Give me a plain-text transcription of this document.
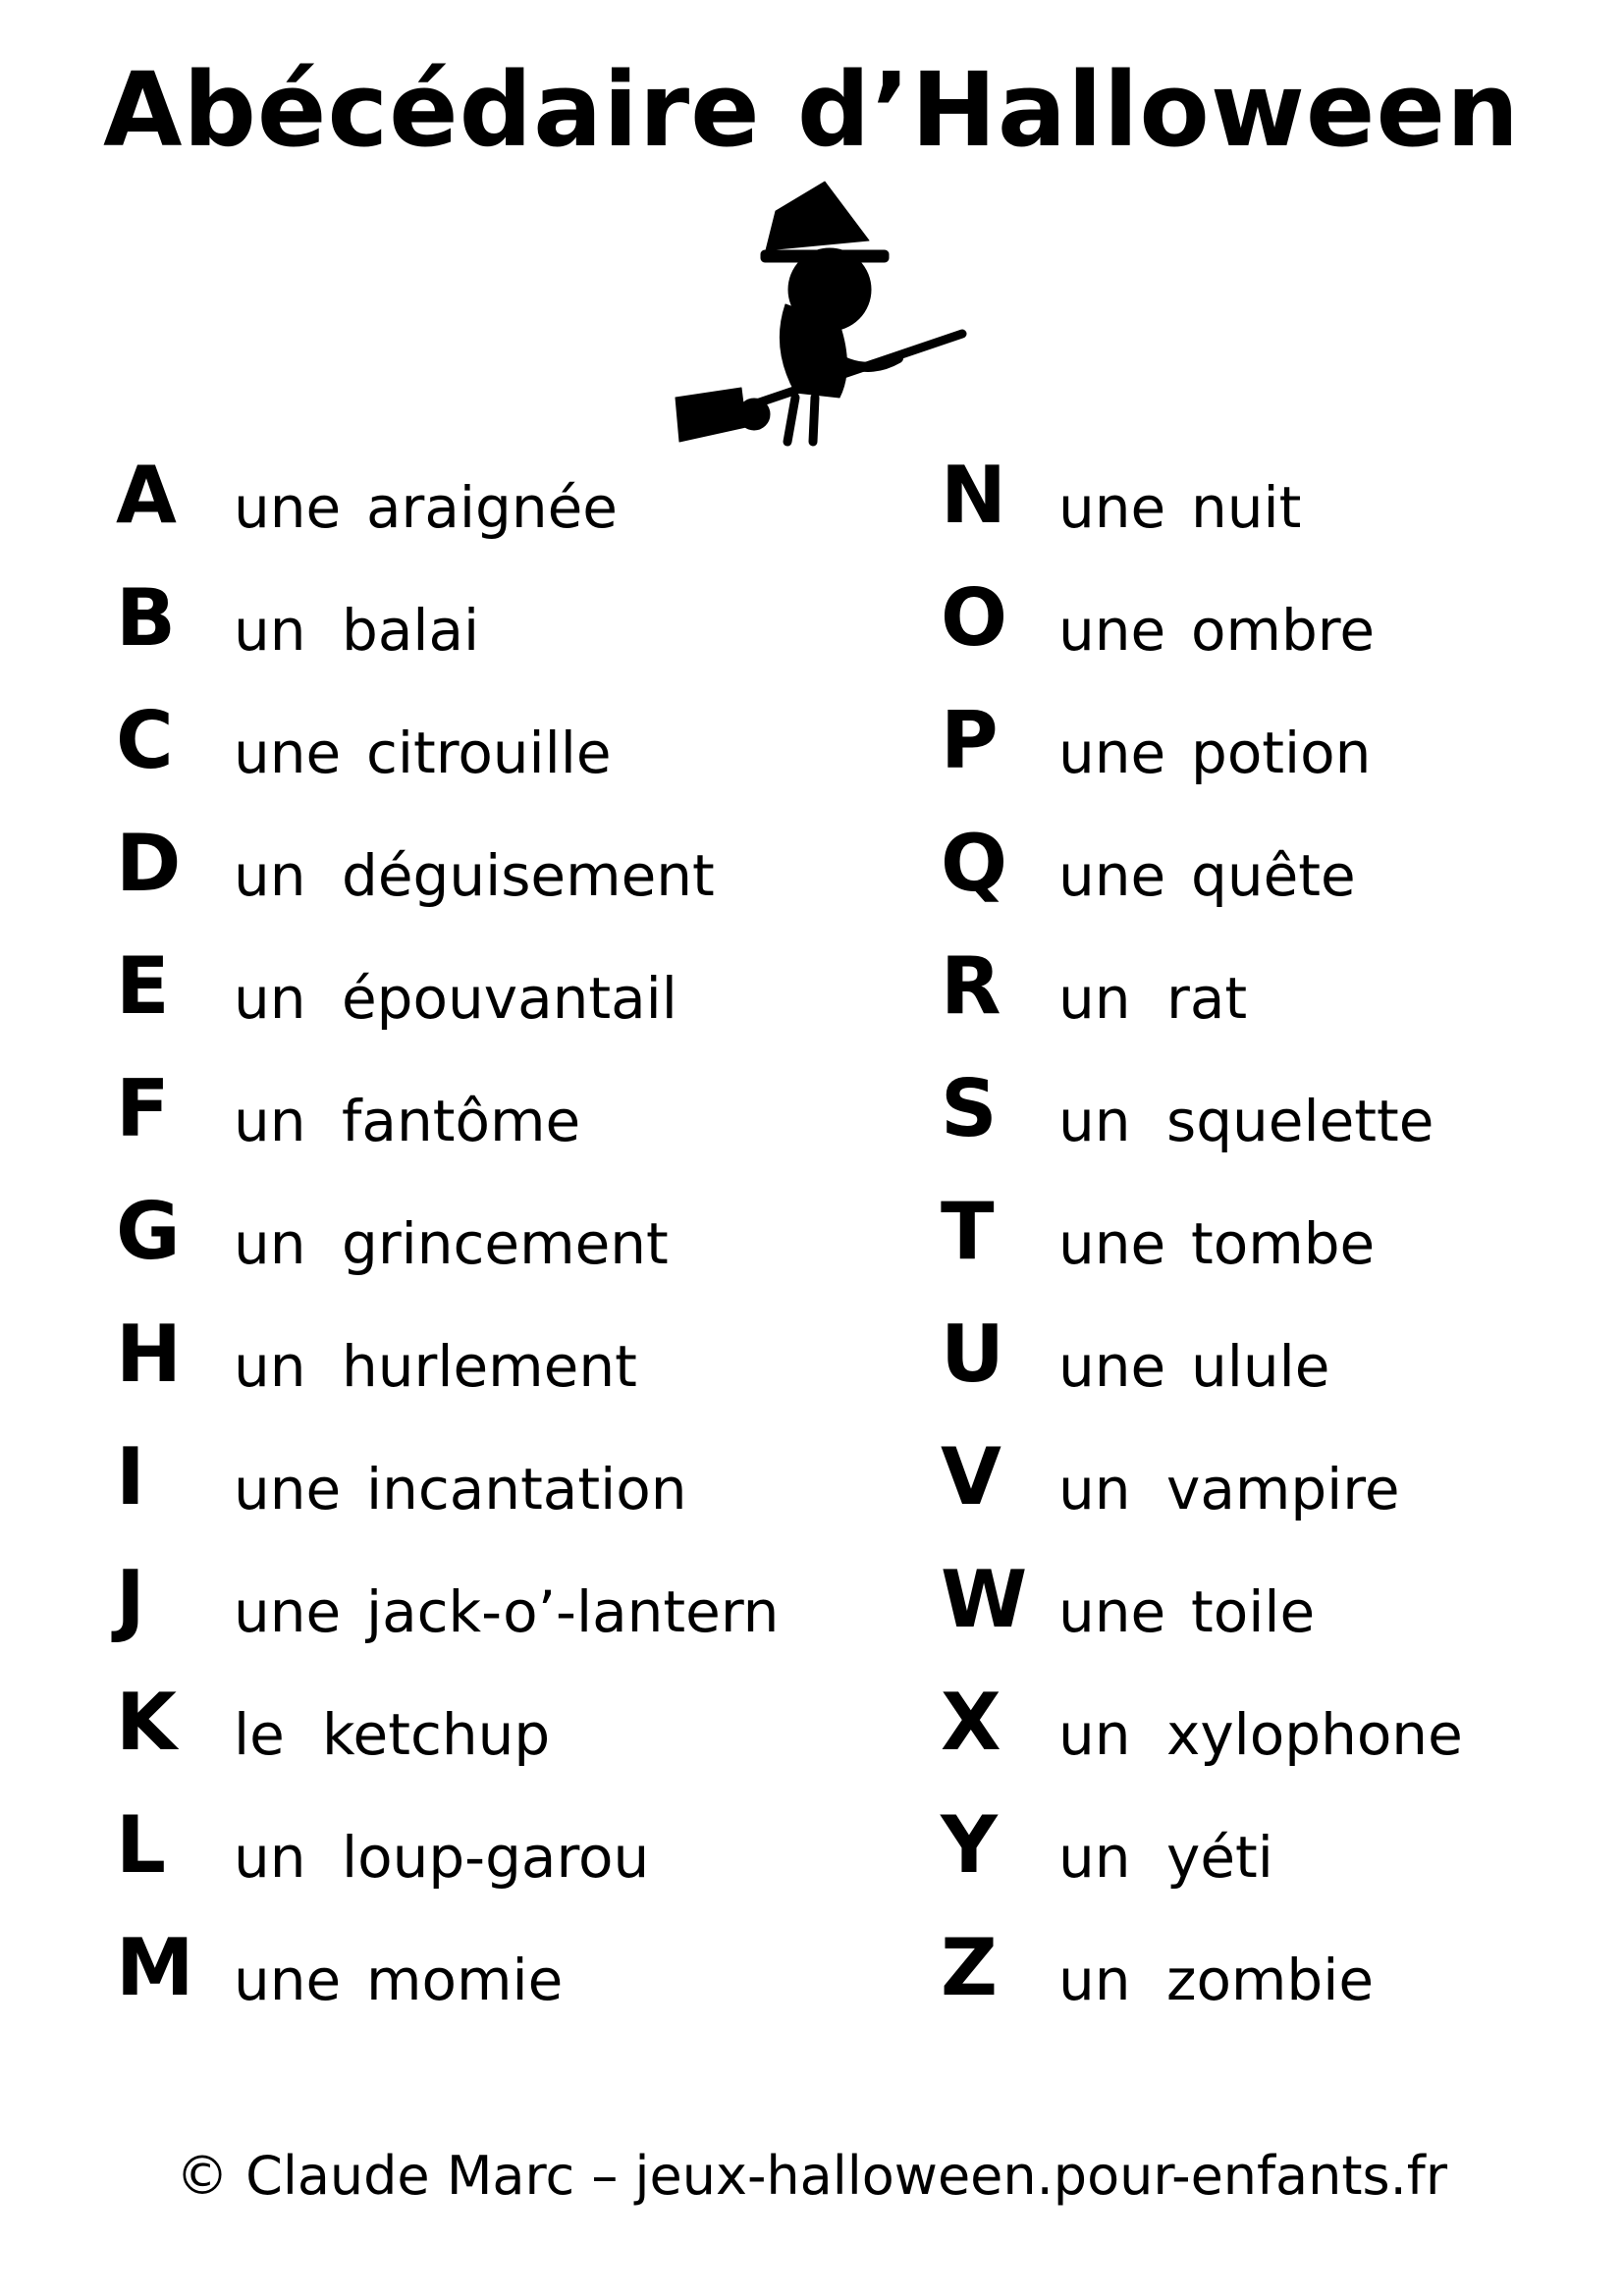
Abécédaire d’Halloween
A une araignée
B un balai
C une citrouille
D un déguisement
E un épouvantail
F un fantôme
G un grincement
H un hurlement
I une incantation
J une jack-o’-lantern
K le ketchup
L un loup-garou
M une momie
N une nuit
O une ombre
P une potion
Q une quête
R un rat
S un squelette
T une tombe
U une ulule
V un vampire
W une toile
X un xylophone
Y un yéti
Z un zombie
© Claude Marc – jeux-halloween.pour-enfants.fr
